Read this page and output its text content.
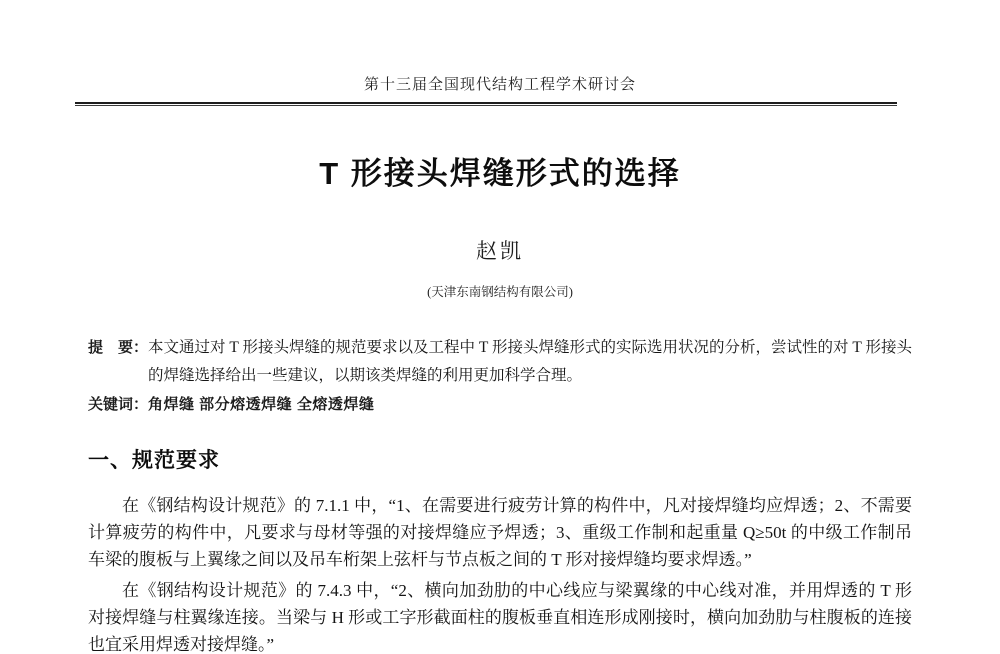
第十三届全国现代结构工程学术研讨会
T 形接头焊缝形式的选择
赵凯
(天津东南钢结构有限公司)
提　要： 本文通过对 T 形接头焊缝的规范要求以及工程中 T 形接头焊缝形式的实际选用状况的分析，尝试性的对 T 形接头的焊缝选择给出一些建议，以期该类焊缝的利用更加科学合理。
关键词： 角焊缝 部分熔透焊缝 全熔透焊缝
一、规范要求

在《钢结构设计规范》的 7.1.1 中，“1、在需要进行疲劳计算的构件中，凡对接焊缝均应焊透；2、不需要计算疲劳的构件中，凡要求与母材等强的对接焊缝应予焊透；3、重级工作制和起重量 Q≥50t 的中级工作制吊车梁的腹板与上翼缘之间以及吊车桁架上弦杆与节点板之间的 T 形对接焊缝均要求焊透。”

在《钢结构设计规范》的 7.4.3 中，“2、横向加劲肋的中心线应与梁翼缘的中心线对准，并用焊透的 T 形对接焊缝与柱翼缘连接。当梁与 H 形或工字形截面柱的腹板垂直相连形成刚接时，横向加劲肋与柱腹板的连接也宜采用焊透对接焊缝。”
